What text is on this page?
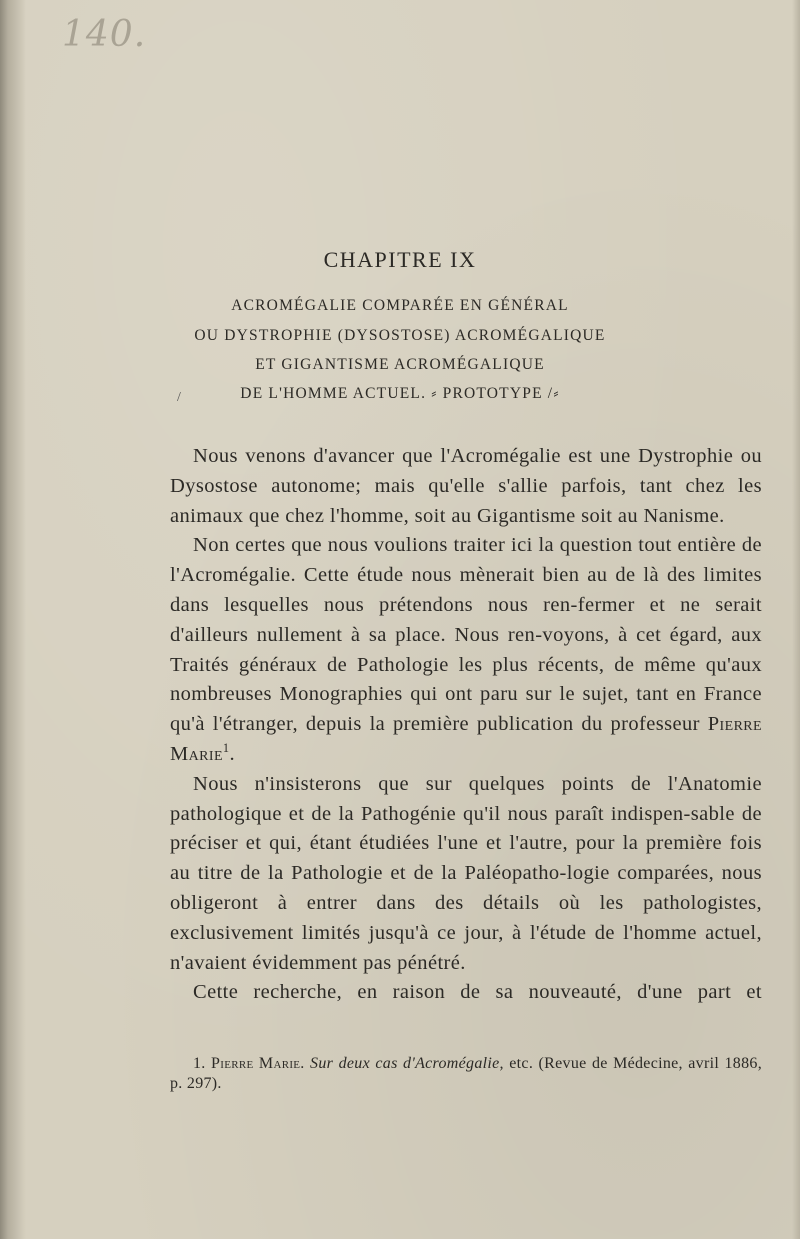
140.
CHAPITRE IX
ACROMÉGALIE COMPARÉE EN GÉNÉRAL
OU DYSTROPHIE (DYSOSTOSE) ACROMÉGALIQUE
ET GIGANTISME ACROMÉGALIQUE
DE L'HOMME ACTUEL. ⸗ PROTOTYPE /⸗
/

Nous venons d'avancer que l'Acromégalie est une Dystrophie ou Dysostose autonome; mais qu'elle s'allie parfois, tant chez les animaux que chez l'homme, soit au Gigantisme soit au Nanisme.

Non certes que nous voulions traiter ici la question tout entière de l'Acromégalie. Cette étude nous mènerait bien au de là des limites dans lesquelles nous prétendons nous ren-fermer et ne serait d'ailleurs nullement à sa place. Nous ren-voyons, à cet égard, aux Traités généraux de Pathologie les plus récents, de même qu'aux nombreuses Monographies qui ont paru sur le sujet, tant en France qu'à l'étranger, depuis la première publication du professeur Pierre Marie$^1$.

Nous n'insisterons que sur quelques points de l'Anatomie pathologique et de la Pathogénie qu'il nous paraît indispen-sable de préciser et qui, étant étudiées l'une et l'autre, pour la première fois au titre de la Pathologie et de la Paléopatho-logie comparées, nous obligeront à entrer dans des détails où les pathologistes, exclusivement limités jusqu'à ce jour, à l'étude de l'homme actuel, n'avaient évidemment pas pénétré.

Cette recherche, en raison de sa nouveauté, d'une part et

1. Pierre Marie. Sur deux cas d'Acromégalie, etc. (Revue de Médecine, avril 1886, p. 297).
